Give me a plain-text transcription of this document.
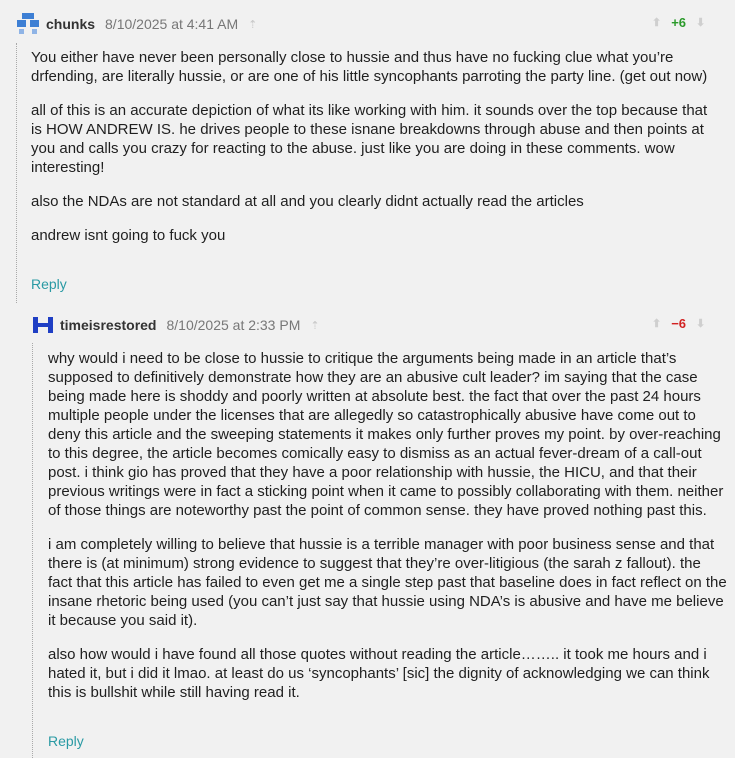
chunks 8/10/2025 at 4:41 AM ⇡	⬆ +6 ⬇

You either have never been personally close to hussie and thus have no fucking clue what you’re drfending, are literally hussie, or are one of his little syncophants parroting the party line. (get out now)

all of this is an accurate depiction of what its like working with him. it sounds over the top because that is HOW ANDREW IS. he drives people to these isnane breakdowns through abuse and then points at you and calls you crazy for reacting to the abuse. just like you are doing in these comments. wow interesting!

also the NDAs are not standard at all and you clearly didnt actually read the articles

andrew isnt going to fuck you

Reply
timeisrestored 8/10/2025 at 2:33 PM ⇡	⬆ −6 ⬇

why would i need to be close to hussie to critique the arguments being made in an article that’s supposed to definitively demonstrate how they are an abusive cult leader? im saying that the case being made here is shoddy and poorly written at absolute best. the fact that over the past 24 hours multiple people under the licenses that are allegedly so catastrophically abusive have come out to deny this article and the sweeping statements it makes only further proves my point. by over-reaching to this degree, the article becomes comically easy to dismiss as an actual fever-dream of a call-out post. i think gio has proved that they have a poor relationship with hussie, the HICU, and that their previous writings were in fact a sticking point when it came to possibly collaborating with them. neither of those things are noteworthy past the point of common sense. they have proved nothing past this.

i am completely willing to believe that hussie is a terrible manager with poor business sense and that there is (at minimum) strong evidence to suggest that they’re over-litigious (the sarah z fallout). the fact that this article has failed to even get me a single step past that baseline does in fact reflect on the insane rhetoric being used (you can’t just say that hussie using NDA’s is abusive and have me believe it because you said it).

also how would i have found all those quotes without reading the article…….. it took me hours and i hated it, but i did it lmao. at least do us ‘syncophants’ [sic] the dignity of acknowledging we can think this is bullshit while still having read it.

Reply
